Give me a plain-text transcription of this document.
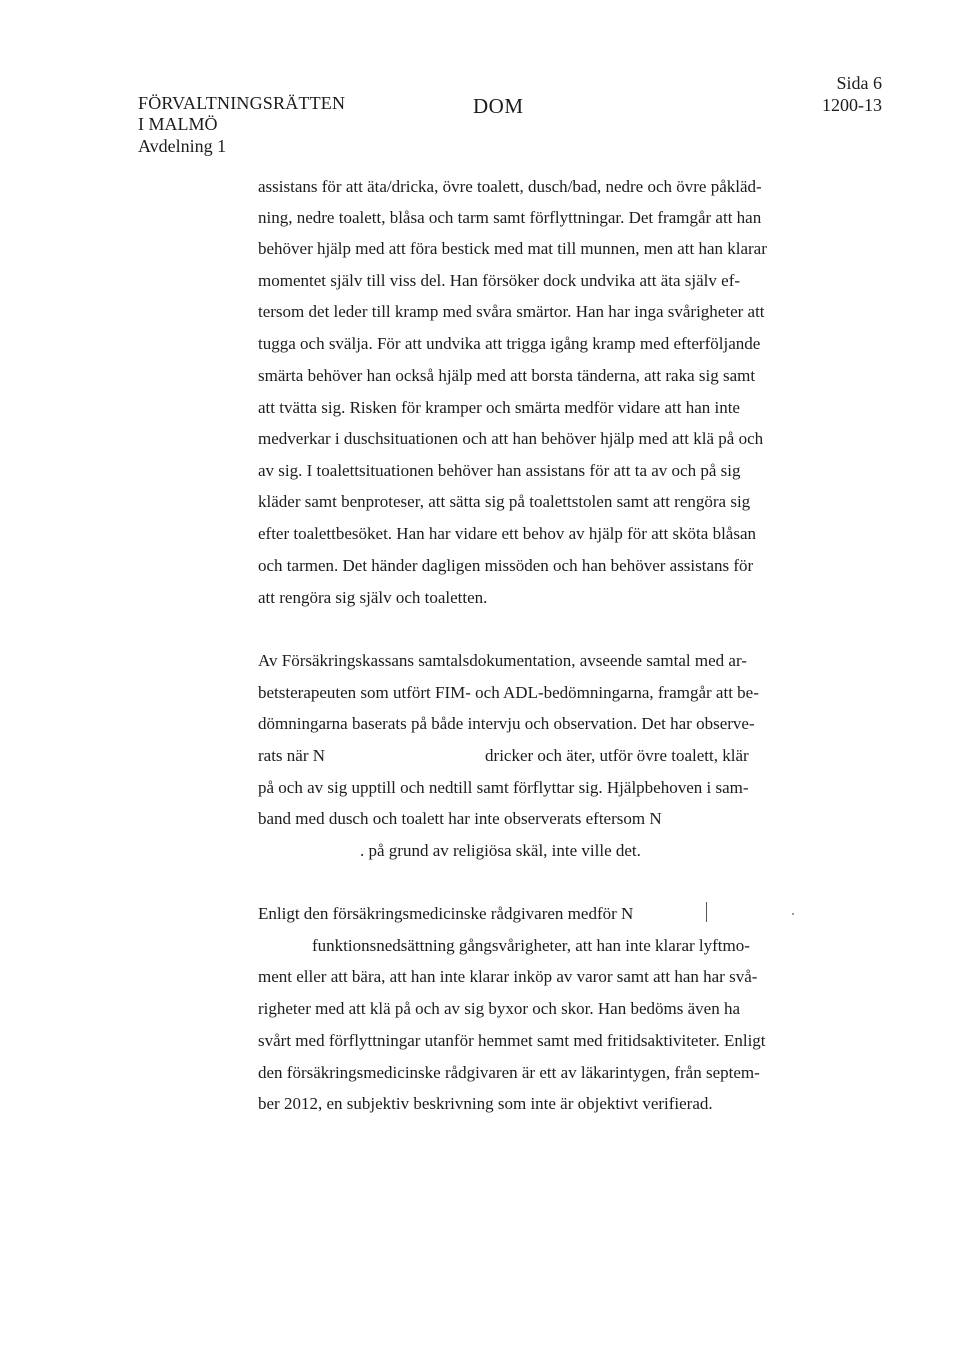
FÖRVALTNINGSRÄTTEN
I MALMÖ
Avdelning 1
DOM
Sida 6
1200-13
assistans för att äta/dricka, övre toalett, dusch/bad, nedre och övre påkläd-
ning, nedre toalett, blåsa och tarm samt förflyttningar. Det framgår att han
behöver hjälp med att föra bestick med mat till munnen, men att han klarar
momentet själv till viss del. Han försöker dock undvika att äta själv ef-
tersom det leder till kramp med svåra smärtor. Han har inga svårigheter att
tugga och svälja. För att undvika att trigga igång kramp med efterföljande
smärta behöver han också hjälp med att borsta tänderna, att raka sig samt
att tvätta sig. Risken för kramper och smärta medför vidare att han inte
medverkar i duschsituationen och att han behöver hjälp med att klä på och
av sig. I toalettsituationen behöver han assistans för att ta av och på sig
kläder samt benproteser, att sätta sig på toalettstolen samt att rengöra sig
efter toalettbesöket. Han har vidare ett behov av hjälp för att sköta blåsan
och tarmen. Det händer dagligen missöden och han behöver assistans för
att rengöra sig själv och toaletten.
Av Försäkringskassans samtalsdokumentation, avseende samtal med ar-
betsterapeuten som utfört FIM- och ADL-bedömningarna, framgår att be-
dömningarna baserats på både intervju och observation. Det har observe-
rats när N	dricker och äter, utför övre toalett, klär
på och av sig upptill och nedtill samt förflyttar sig. Hjälpbehoven i sam-
band med dusch och toalett har inte observerats eftersom N
. på grund av religiösa skäl, inte ville det.
Enligt den försäkringsmedicinske rådgivaren medför N
funktionsnedsättning gångsvårigheter, att han inte klarar lyftmo-
ment eller att bära, att han inte klarar inköp av varor samt att han har svå-
righeter med att klä på och av sig byxor och skor. Han bedöms även ha
svårt med förflyttningar utanför hemmet samt med fritidsaktiviteter. Enligt
den försäkringsmedicinske rådgivaren är ett av läkarintygen, från septem-
ber 2012, en subjektiv beskrivning som inte är objektivt verifierad.
